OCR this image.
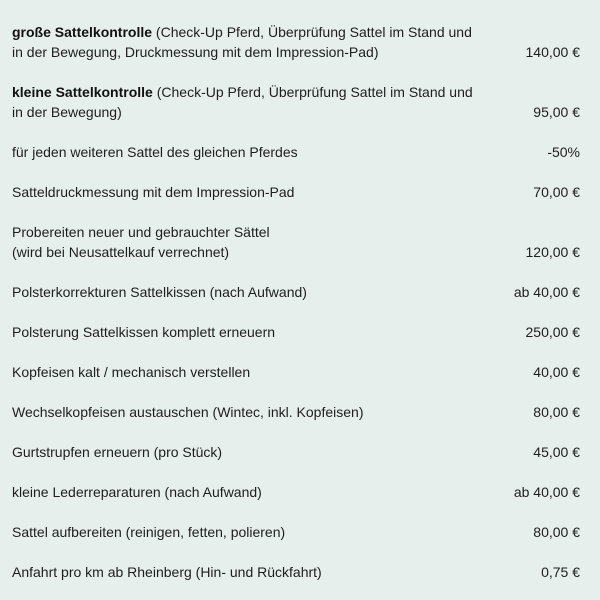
große Sattelkontrolle (Check-Up Pferd, Überprüfung Sattel im Stand und
in der Bewegung, Druckmessung mit dem Impression-Pad)	140,00 €
kleine Sattelkontrolle (Check-Up Pferd, Überprüfung Sattel im Stand und
in der Bewegung)	95,00 €
für jeden weiteren Sattel des gleichen Pferdes	-50%
Satteldruckmessung mit dem Impression-Pad	70,00 €
Probereiten neuer und gebrauchter Sättel
(wird bei Neusattelkauf verrechnet)	120,00 €
Polsterkorrekturen Sattelkissen (nach Aufwand)	ab 40,00 €
Polsterung Sattelkissen komplett erneuern	250,00 €
Kopfeisen kalt / mechanisch verstellen	40,00 €
Wechselkopfeisen austauschen (Wintec, inkl. Kopfeisen)	80,00 €
Gurtstrupfen erneuern (pro Stück)	45,00 €
kleine Lederreparaturen (nach Aufwand)	ab 40,00 €
Sattel aufbereiten (reinigen, fetten, polieren)	80,00 €
Anfahrt pro km ab Rheinberg (Hin- und Rückfahrt)	0,75 €
